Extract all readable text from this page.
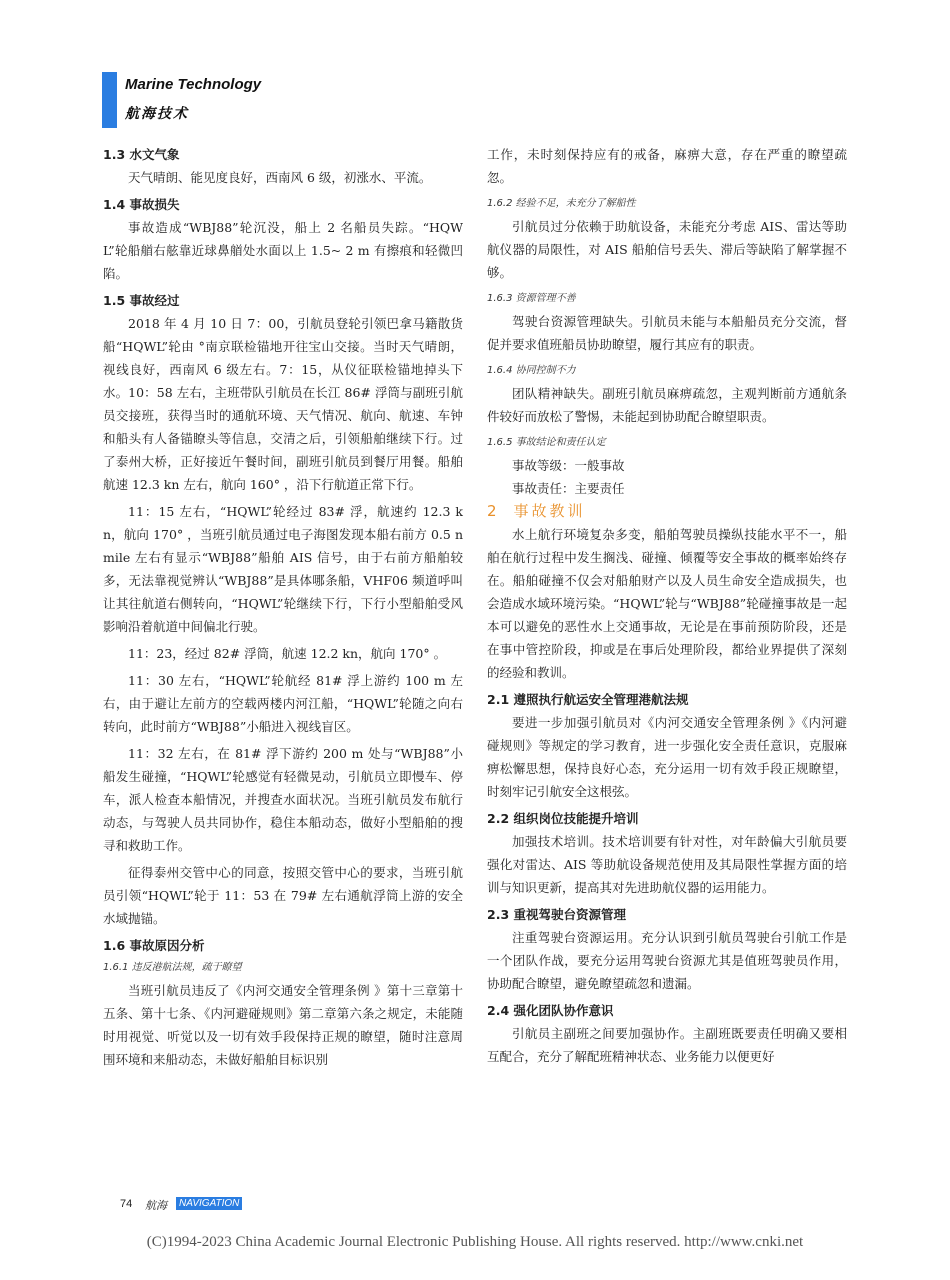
Marine Technology
航海技术
1.3 水文气象
天气晴朗、能见度良好，西南风 6 级，初涨水、平流。
1.4 事故损失
事故造成“WBJ88”轮沉没，船上 2 名船员失踪。“HQWL”轮船艏右舷靠近球鼻艏处水面以上 1.5~ 2 m 有擦痕和轻微凹陷。
1.5 事故经过
2018 年 4 月 10 日 7：00，引航员登轮引领巴拿马籍散货船“HQWL”轮由 °南京联检锚地开往宝山交接。当时天气晴朗，视线良好，西南风 6 级左右。7：15，从仪征联检锚地掉头下水。10：58 左右，主班带队引航员在长江 86# 浮筒与副班引航员交接班，获得当时的通航环境、天气情况、航向、航速、车钟和船头有人备锚瞭头等信息，交清之后，引领船舶继续下行。过了泰州大桥，正好接近午餐时间，副班引航员到餐厅用餐。船舶航速 12.3 kn 左右，航向 160° ，沿下行航道正常下行。
11：15 左右，“HQWL”轮经过 83# 浮，航速约 12.3 kn，航向 170° ，当班引航员通过电子海图发现本船右前方 0.5 n mile 左右有显示“WBJ88”船舶 AIS 信号，由于右前方船舶较多，无法靠视觉辨认“WBJ88”是具体哪条船，VHF06 频道呼叫让其往航道右侧转向，“HQWL”轮继续下行，下行小型船舶受风影响沿着航道中间偏北行驶。
11：23，经过 82# 浮筒，航速 12.2 kn，航向 170° 。
11：30 左右，“HQWL”轮航经 81# 浮上游约 100 m 左右，由于避让左前方的空载两楼内河江船，“HQWL”轮随之向右转向，此时前方“WBJ88”小船进入视线盲区。
11：32 左右，在 81# 浮下游约 200 m 处与“WBJ88”小船发生碰撞，“HQWL”轮感觉有轻微晃动，引航员立即慢车、停车，派人检查本船情况，并搜查水面状况。当班引航员发布航行动态，与驾驶人员共同协作，稳住本船动态，做好小型船舶的搜寻和救助工作。
征得泰州交管中心的同意，按照交管中心的要求，当班引航员引领“HQWL”轮于 11：53 在 79# 左右通航浮筒上游的安全水域抛锚。
1.6 事故原因分析
1.6.1 违反港航法规，疏于瞭望
当班引航员违反了《内河交通安全管理条例 》第十三章第十五条、第十七条、《内河避碰规则》第二章第六条之规定，未能随时用视觉、听觉以及一切有效手段保持正规的瞭望，随时注意周围环境和来船动态，未做好船舶目标识别
工作，未时刻保持应有的戒备，麻痹大意，存在严重的瞭望疏忽。
1.6.2 经验不足，未充分了解船性
引航员过分依赖于助航设备，未能充分考虑 AIS、雷达等助航仪器的局限性，对 AIS 船舶信号丢失、滞后等缺陷了解掌握不够。
1.6.3 资源管理不善
驾驶台资源管理缺失。引航员未能与本船船员充分交流，督促并要求值班船员协助瞭望，履行其应有的职责。
1.6.4 协同控制不力
团队精神缺失。副班引航员麻痹疏忽，主观判断前方通航条件较好而放松了警惕，未能起到协助配合瞭望职责。
1.6.5 事故结论和责任认定
事故等级：一般事故
事故责任：主要责任
2 事故教训
水上航行环境复杂多变，船舶驾驶员操纵技能水平不一，船舶在航行过程中发生搁浅、碰撞、倾覆等安全事故的概率始终存在。船舶碰撞不仅会对船舶财产以及人员生命安全造成损失，也会造成水域环境污染。“HQWL”轮与“WBJ88”轮碰撞事故是一起本可以避免的恶性水上交通事故，无论是在事前预防阶段，还是在事中管控阶段，抑或是在事后处理阶段，都给业界提供了深刻的经验和教训。
2.1 遵照执行航运安全管理港航法规
要进一步加强引航员对《内河交通安全管理条例 》《内河避碰规则》等规定的学习教育，进一步强化安全责任意识，克服麻痹松懈思想，保持良好心态，充分运用一切有效手段正规瞭望，时刻牢记引航安全这根弦。
2.2 组织岗位技能提升培训
加强技术培训。技术培训要有针对性，对年龄偏大引航员要强化对雷达、AIS 等助航设备规范使用及其局限性掌握方面的培训与知识更新，提高其对先进助航仪器的运用能力。
2.3 重视驾驶台资源管理
注重驾驶台资源运用。充分认识到引航员驾驶台引航工作是一个团队作战，要充分运用驾驶台资源尤其是值班驾驶员作用，协助配合瞭望，避免瞭望疏忽和遗漏。
2.4 强化团队协作意识
引航员主副班之间要加强协作。主副班既要责任明确又要相互配合，充分了解配班精神状态、业务能力以便更好
74 航海	NAVIGATION
(C)1994-2023 China Academic Journal Electronic Publishing House. All rights reserved. http://www.cnki.net
